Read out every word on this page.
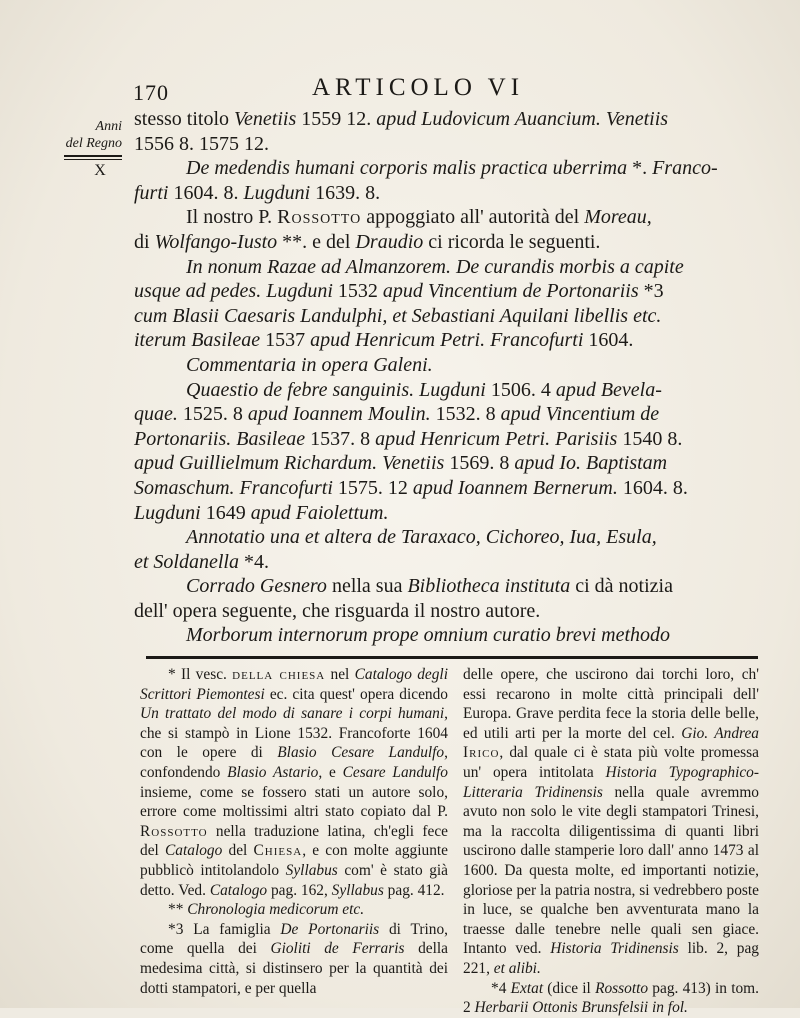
170	ARTICOLO VI
Anni
del Regno
X

stesso titolo Venetiis 1559 12. apud Ludovicum Auancium. Venetiis

1556 8. 1575 12.

De medendis humani corporis malis practica uberrima *. Franco-

furti 1604. 8. Lugduni 1639. 8.

Il nostro P. Rossotto appoggiato all' autorità del Moreau,

di Wolfango-Iusto **. e del Draudio ci ricorda le seguenti.

In nonum Razae ad Almanzorem. De curandis morbis a capite

usque ad pedes. Lugduni 1532 apud Vincentium de Portonariis *3

cum Blasii Caesaris Landulphi, et Sebastiani Aquilani libellis etc.

iterum Basileae 1537 apud Henricum Petri. Francofurti 1604.

Commentaria in opera Galeni.

Quaestio de febre sanguinis. Lugduni 1506. 4 apud Bevela-

quae. 1525. 8 apud Ioannem Moulin. 1532. 8 apud Vincentium de

Portonariis. Basileae 1537. 8 apud Henricum Petri. Parisiis 1540 8.

apud Guillielmum Richardum. Venetiis 1569. 8 apud Io. Baptistam

Somaschum. Francofurti 1575. 12 apud Ioannem Bernerum. 1604. 8.

Lugduni 1649 apud Faiolettum.

Annotatio una et altera de Taraxaco, Cichoreo, Iua, Esula,

et Soldanella *4.

Corrado Gesnero nella sua Bibliotheca instituta ci dà notizia

dell' opera seguente, che risguarda il nostro autore.

Morborum internorum prope omnium curatio brevi methodo

* Il vesc. della chiesa nel Catalogo degli Scrittori Piemontesi ec. cita quest' opera dicendo Un trattato del modo di sanare i corpi humani, che si stampò in Lione 1532. Francoforte 1604 con le opere di Blasio Cesare Landulfo, confondendo Blasio Astario, e Cesare Landulfo insieme, come se fossero stati un autore solo, errore come moltissimi altri stato copiato dal P. Rossotto nella traduzione latina, ch'egli fece del Catalogo del Chiesa, e con molte aggiunte pubblicò intitolandolo Syllabus com' è stato già detto. Ved. Catalogo pag. 162, Syllabus pag. 412.

** Chronologia medicorum etc.

*3 La famiglia De Portonariis di Trino, come quella dei Gioliti de Ferraris della medesima città, si distinsero per la quantità dei dotti stampatori, e per quella

delle opere, che uscirono dai torchi loro, ch' essi recarono in molte città principali dell' Europa. Grave perdita fece la storia delle belle, ed utili arti per la morte del cel. Gio. Andrea Irico, dal quale ci è stata più volte promessa un' opera intitolata Historia Typographico-Litteraria Tridinensis nella quale avremmo avuto non solo le vite degli stampatori Trinesi, ma la raccolta diligentissima di quanti libri uscirono dalle stamperie loro dall' anno 1473 al 1600. Da questa molte, ed importanti notizie, gloriose per la patria nostra, si vedrebbero poste in luce, se qualche ben avventurata mano la traesse dalle tenebre nelle quali sen giace. Intanto ved. Historia Tridinensis lib. 2, pag 221, et alibi.

*4 Extat (dice il Rossotto pag. 413) in tom. 2 Herbarii Ottonis Brunsfelsii in fol.
